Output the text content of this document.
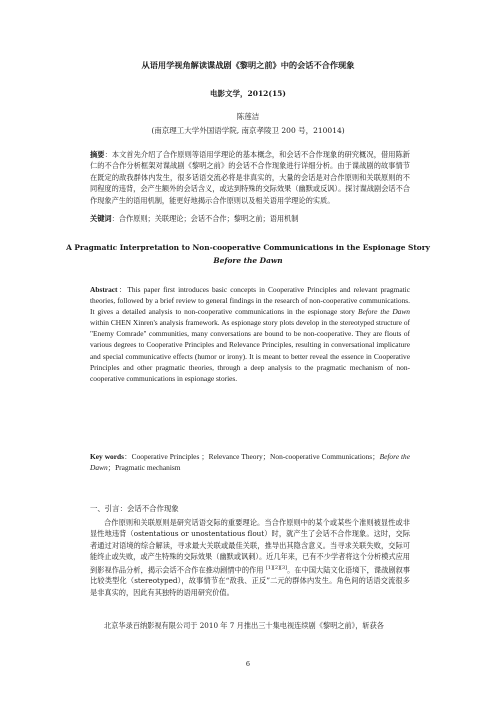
从语用学视角解读谍战剧《黎明之前》中的会话不合作现象
电影文学，2012(15)
陈莲洁
(南京理工大学外国语学院, 南京孝陵卫 200 号，210014)
摘要：本文首先介绍了合作原则等语用学理论的基本概念，和会话不合作现象的研究概况，借用陈新仁的不合作分析框架对谍战剧《黎明之前》的会话不合作现象进行详细分析。由于谍战剧的故事情节在既定的敌我群体内发生，很多话语交流必将是非真实的，大量的会话是对合作原则和关联原则的不同程度的违背，会产生额外的会话含义，或达到特殊的交际效果（幽默或反讽）。探讨谍战剧会话不合作现象产生的语用机制，能更好地揭示合作原则以及相关语用学理论的实质。
关键词：合作原则；关联理论；会话不合作；黎明之前；语用机制
A Pragmatic Interpretation to Non-cooperative Communications in the Espionage Story
Before the Dawn
Abstract：This paper first introduces basic concepts in Cooperative Principles and relevant pragmatic theories, followed by a brief review to general findings in the research of non-cooperative communications. It gives a detailed analysis to non-cooperative communications in the espionage story Before the Dawn within CHEN Xinren's analysis framework. As espionage story plots develop in the stereotyped structure of "Enemy Comrade" communities, many conversations are bound to be non-cooperative. They are flouts of various degrees to Cooperative Principles and Relevance Principles, resulting in conversational implicature and special communicative effects (humor or irony). It is meant to better reveal the essence in Cooperative Principles and other pragmatic theories, through a deep analysis to the pragmatic mechanism of non-cooperative communications in espionage stories.
Key words：Cooperative Principles ；Relevance Theory；Non-cooperative Communications；Before the Dawn；Pragmatic mechanism
一、引言：会话不合作现象
合作原则和关联原则是研究话语交际的重要理论。当合作原则中的某个或某些个准则被显性或非显性地违背（ostentatious or unostentatious flout）时，就产生了会话不合作现象。这时，交际者通过对语境的综合解读，寻求最大关联或最佳关联，推导出其隐含意义。当寻求关联失败，交际可能终止或失败，或产生特殊的交际效果（幽默或讽刺）。近几年来，已有不少学者将这个分析模式应用到影视作品分析，揭示会话不合作在推动剧情中的作用 [1][2][3]。在中国大陆文化语境下，谍战剧叙事比较类型化（stereotyped），故事情节在“敌我、正反”二元的群体内发生。角色间的话语交流很多是非真实的，因此有其独特的语用研究价值。
北京华录百纳影视有限公司于 2010 年 7 月推出三十集电视连续剧《黎明之前》，斩获各
6
